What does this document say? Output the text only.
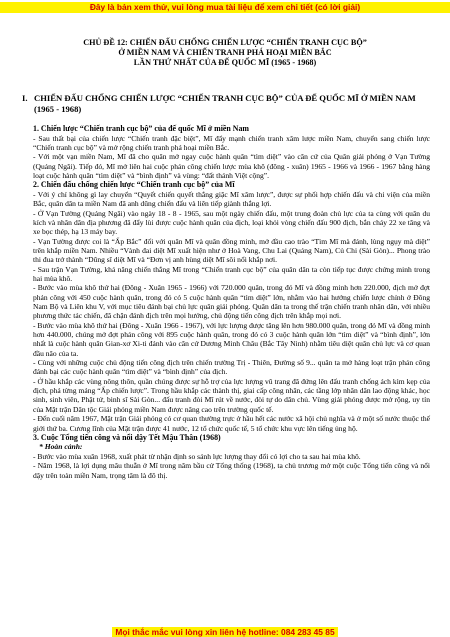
Đây là bản xem thử, vui lòng mua tài liệu để xem chi tiết (có lời giải)
CHỦ ĐỀ 12: CHIẾN ĐẤU CHỐNG CHIẾN LƯỢC “CHIẾN TRANH CỤC BỘ”
Ở MIỀN NAM VÀ CHIẾN TRANH PHÁ HOẠI MIỀN BẮC
LẦN THỨ NHẤT CỦA ĐẾ QUỐC MĨ (1965 - 1968)
I. CHIẾN ĐẤU CHỐNG CHIẾN LƯỢC “CHIẾN TRANH CỤC BỘ” CỦA ĐẾ QUỐC MĨ Ở MIỀN NAM (1965 - 1968)

1. Chiến lược “Chiến tranh cục bộ” của đế quốc Mĩ ở miền Nam

- Sau thất bại của chiến lược “Chiến tranh đặc biệt”, Mĩ đẩy mạnh chiến tranh xâm lược miền Nam, chuyển sang chiến lược “Chiến tranh cục bộ” và mở rộng chiến tranh phá hoại miền Bắc.

- Với một vạn miền Nam, Mĩ đã cho quân mở ngay cuộc hành quân “tìm diệt” vào căn cứ của Quân giải phóng ở Vạn Tường (Quảng Ngãi). Tiếp đó, Mĩ mở liên hai cuộc phản công chiến lược mùa khô (đông - xuân) 1965 - 1966 và 1966 - 1967 bằng hàng loạt cuộc hành quân “tìm diệt” và “bình định” và vùng: “đất thánh Việt cộng”.

2. Chiến đấu chống chiến lược “Chiến tranh cục bộ” của Mĩ

- Với ý chí không gì lay chuyển “Quyết chiến quyết thắng giặc Mĩ xâm lược”, được sự phối hợp chiến đấu và chi viện của miền Bắc, quân dân ta miền Nam đã anh dũng chiến đấu và liên tiếp giành thắng lợi.

- Ở Vạn Tường (Quảng Ngãi) vào ngày 18 - 8 - 1965, sau một ngày chiến đấu, một trung đoàn chủ lực của ta cùng với quân du kích và nhân dân địa phương đã đẩy lùi được cuộc hành quân của địch, loại khỏi vòng chiến đấu 900 địch, bắn cháy 22 xe tăng và xe bọc thép, hạ 13 máy bay.

- Vạn Tường được coi là “Ấp Bắc” đối với quân Mĩ và quân đồng minh, mở đầu cao trào “Tìm Mĩ mà đánh, lùng ngụy mà diệt” trên khắp miền Nam. Nhiều “Vành đai diệt Mĩ xuất hiện như ở Hoà Vang, Chu Lai (Quảng Nam), Củ Chi (Sài Gòn)... Phong trào thi đua trở thành “Dũng sĩ diệt Mĩ và “Đơn vị anh hùng diệt Mĩ sôi nổi khắp nơi.

- Sau trận Vạn Tường, khả năng chiến thắng Mĩ trong “Chiến tranh cục bộ” của quân dân ta còn tiếp tục được chứng minh trong hai mùa khô.

- Bước vào mùa khô thứ hai (Đông - Xuân 1965 - 1966) với 720.000 quân, trong đó Mĩ và đồng minh hơn 220.000, địch mở đợt phản công với 450 cuộc hành quân, trong đó có 5 cuộc hành quân “tìm diệt” lớn, nhằm vào hai hướng chiến lược chính ở Đông Nam Bộ và Liên khu V, với mục tiêu đánh bại chủ lực quân giải phóng. Quân dân ta trong thế trận chiến tranh nhân dân, với nhiều phương thức tác chiến, đã chặn đánh địch trên mọi hướng, chủ động tiến công địch trên khắp mọi nơi.

- Bước vào mùa khô thứ hai (Đông - Xuân 1966 - 1967), với lực lượng được tăng lên hơn 980.000 quân, trong đó Mĩ và đồng minh hơn 440.000, chúng mở đợt phản công với 895 cuộc hành quân, trong đó có 3 cuộc hành quân lớn “tìm diệt” và “bình định”, lớn nhất là cuộc hành quân Gian-xơ Xi-ti đánh vào căn cứ Dương Minh Châu (Bắc Tây Ninh) nhằm tiêu diệt quân chủ lực và cơ quan đầu não của ta.

- Cùng với những cuộc chủ động tiến công địch trên chiến trường Trị - Thiên, Đường số 9... quân ta mở hàng loạt trận phản công đánh bại các cuộc hành quân “tìm diệt” và “bình định” của địch.

- Ở hầu khắp các vùng nông thôn, quần chúng được sự hỗ trợ của lực lượng vũ trang đã đứng lên đấu tranh chống ách kìm kẹp của địch, phá từng mảng “Ấp chiến lược”. Trong hầu khắp các thành thị, giai cấp công nhân, các tầng lớp nhân dân lao động khác, học sinh, sinh viên, Phật tử, binh sĩ Sài Gòn... đấu tranh đòi Mĩ rút về nước, đòi tự do dân chủ. Vùng giải phóng được mở rộng, uy tín của Mặt trận Dân tộc Giải phóng miền Nam được nâng cao trên trường quốc tế.

- Đến cuối năm 1967, Mặt trận Giải phóng có cơ quan thường trực ở hầu hết các nước xã hội chủ nghĩa và ở một số nước thuộc thế giới thứ ba. Cương lĩnh của Mặt trận được 41 nước, 12 tổ chức quốc tế, 5 tổ chức khu vực lên tiếng ủng hộ.

3. Cuộc Tổng tiến công và nổi dậy Tết Mậu Thân (1968)

* Hoàn cảnh:

- Bước vào mùa xuân 1968, xuất phát từ nhận định so sánh lực lượng thay đổi có lợi cho ta sau hai mùa khô.

- Năm 1968, là lợi dụng mâu thuẫn ở Mĩ trong năm bầu cử Tổng thống (1968), ta chủ trương mở một cuộc Tổng tiến công và nổi dậy trên toàn miền Nam, trọng tâm là đô thị.

Mọi thắc mắc vui lòng xin liên hệ hotline: 084 283 45 85
